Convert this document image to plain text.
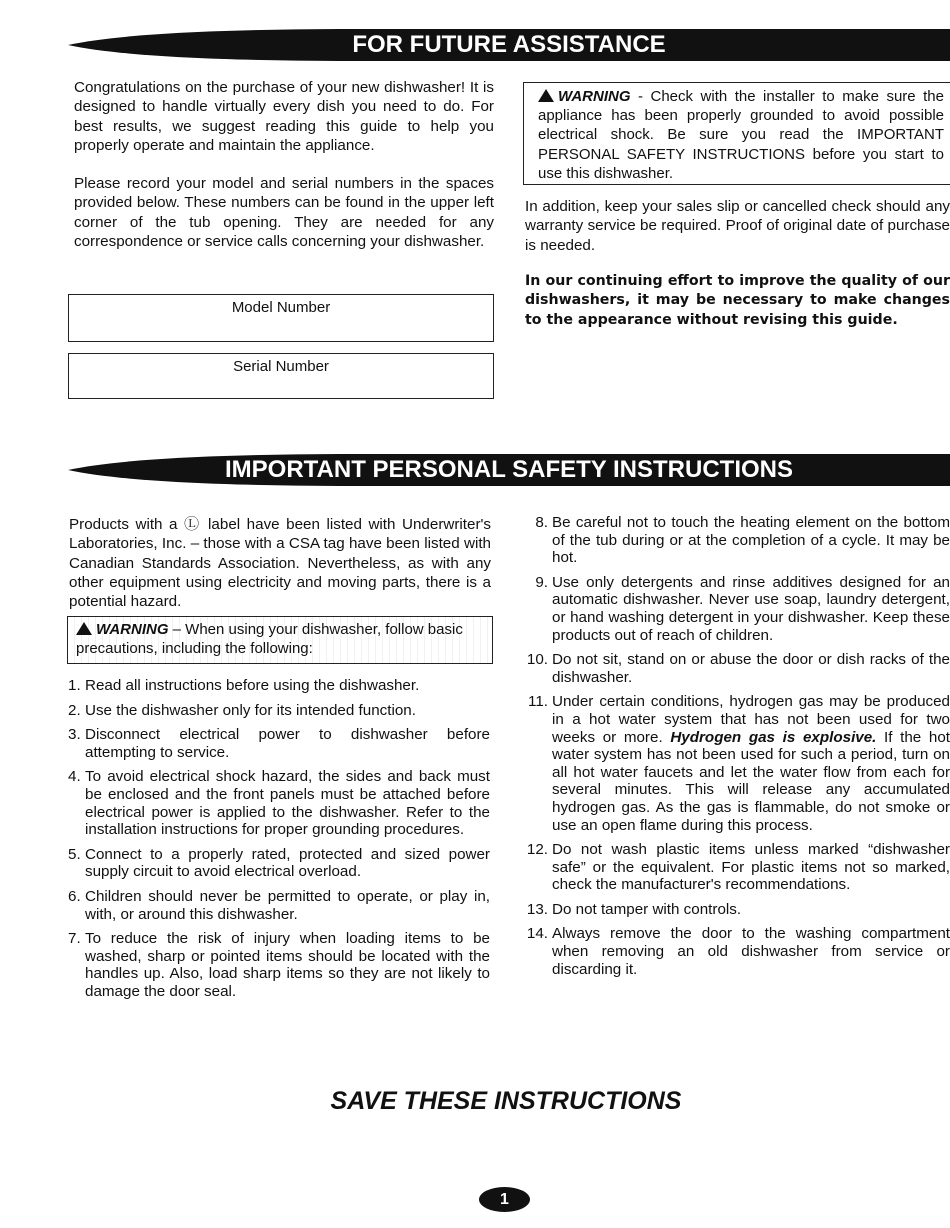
FOR FUTURE ASSISTANCE

Congratulations on the purchase of your new dishwasher! It is designed to handle virtually every dish you need to do. For best results, we suggest reading this guide to help you properly operate and maintain the appliance.

Please record your model and serial numbers in the spaces provided below. These numbers can be found in the upper left corner of the tub opening. They are needed for any correspondence or service calls concerning your dishwasher.

Model Number
Serial Number
WARNING - Check with the installer to make sure the appliance has been properly grounded to avoid possible electrical shock. Be sure you read the IMPORTANT PERSONAL SAFETY INSTRUCTIONS before you start to use this dishwasher.

In addition, keep your sales slip or cancelled check should any warranty service be required. Proof of original date of purchase is needed.

In our continuing effort to improve the quality of our dishwashers, it may be necessary to make changes to the appearance without revising this guide.

IMPORTANT PERSONAL SAFETY INSTRUCTIONS

Products with a Ⓛ label have been listed with Underwriter's Laboratories, Inc. – those with a CSA tag have been listed with Canadian Standards Association. Nevertheless, as with any other equipment using electricity and moving parts, there is a potential hazard.

WARNING – When using your dishwasher, follow basic precautions, including the following:
1. Read all instructions before using the dishwasher.
2. Use the dishwasher only for its intended function.
3. Disconnect electrical power to dishwasher before attempting to service.
4. To avoid electrical shock hazard, the sides and back must be enclosed and the front panels must be attached before electrical power is applied to the dishwasher. Refer to the installation instructions for proper grounding procedures.
5. Connect to a properly rated, protected and sized power supply circuit to avoid electrical overload.
6. Children should never be permitted to operate, or play in, with, or around this dishwasher.
7. To reduce the risk of injury when loading items to be washed, sharp or pointed items should be located with the handles up. Also, load sharp items so they are not likely to damage the door seal.
8. Be careful not to touch the heating element on the bottom of the tub during or at the completion of a cycle. It may be hot.
9. Use only detergents and rinse additives designed for an automatic dishwasher. Never use soap, laundry detergent, or hand washing detergent in your dishwasher. Keep these products out of reach of children.
10. Do not sit, stand on or abuse the door or dish racks of the dishwasher.
11. Under certain conditions, hydrogen gas may be produced in a hot water system that has not been used for two weeks or more. Hydrogen gas is explosive. If the hot water system has not been used for such a period, turn on all hot water faucets and let the water flow from each for several minutes. This will release any accumulated hydrogen gas. As the gas is flammable, do not smoke or use an open flame during this process.
12. Do not wash plastic items unless marked “dishwasher safe” or the equivalent. For plastic items not so marked, check the manufacturer's recommendations.
13. Do not tamper with controls.
14. Always remove the door to the washing compartment when removing an old dishwasher from service or discarding it.
SAVE THESE INSTRUCTIONS
1
